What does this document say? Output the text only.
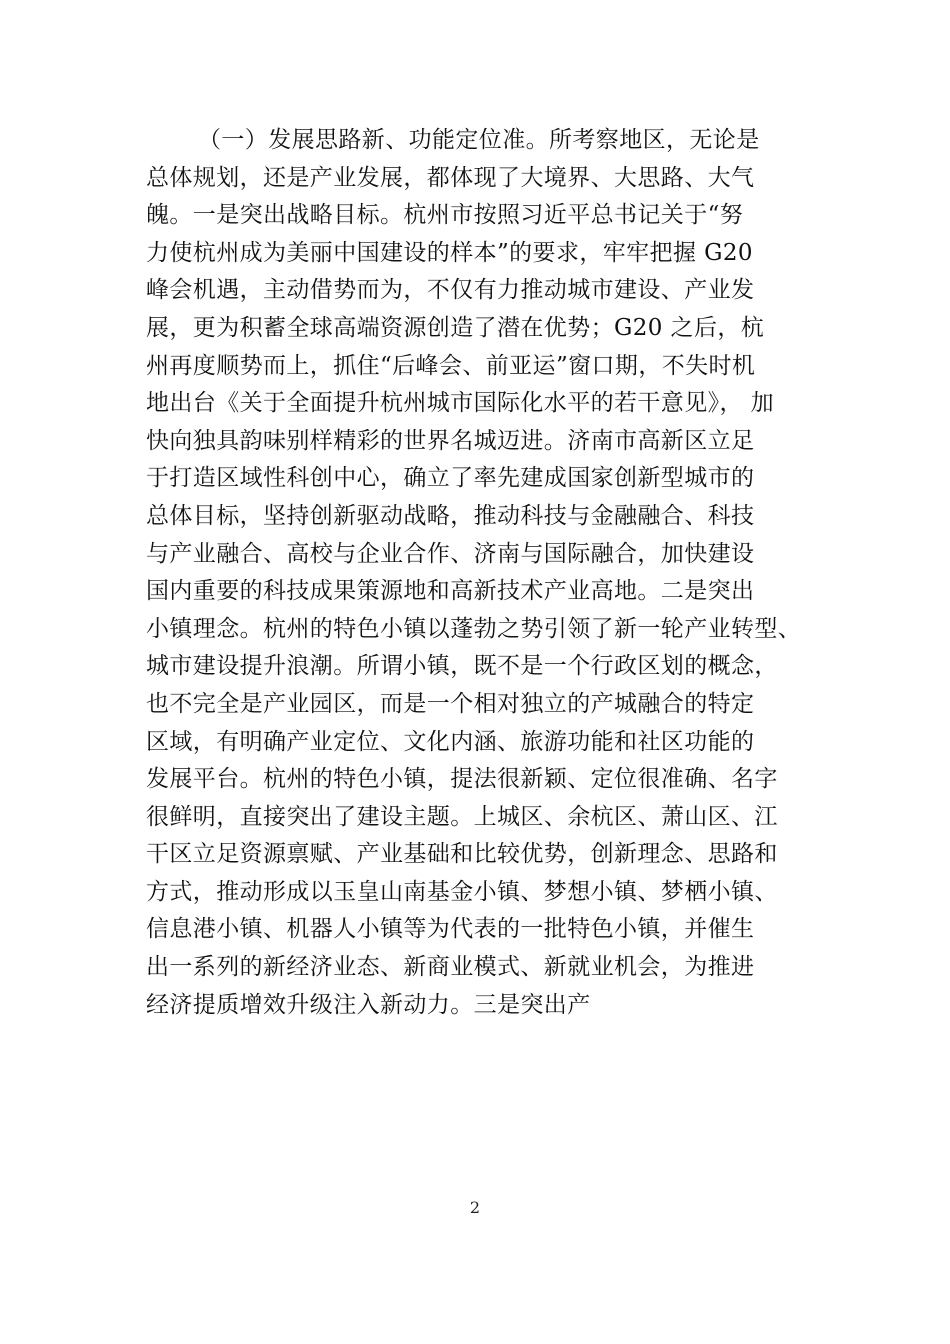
（一）发展思路新、功能定位准。所考察地区，无论是
总体规划，还是产业发展，都体现了大境界、大思路、大气
魄。一是突出战略目标。杭州市按照习近平总书记关于“努
力使杭州成为美丽中国建设的样本”的要求，牢牢把握 G20
峰会机遇，主动借势而为，不仅有力推动城市建设、产业发
展，更为积蓄全球高端资源创造了潜在优势；G20 之后，杭
州再度顺势而上，抓住“后峰会、前亚运”窗口期，不失时机
地出台《关于全面提升杭州城市国际化水平的若干意见》， 加
快向独具韵味别样精彩的世界名城迈进。济南市高新区立足
于打造区域性科创中心，确立了率先建成国家创新型城市的
总体目标，坚持创新驱动战略，推动科技与金融融合、科技
与产业融合、高校与企业合作、济南与国际融合，加快建设
国内重要的科技成果策源地和高新技术产业高地。二是突出
小镇理念。杭州的特色小镇以蓬勃之势引领了新一轮产业转型、
城市建设提升浪潮。所谓小镇，既不是一个行政区划的概念，
也不完全是产业园区，而是一个相对独立的产城融合的特定
区域，有明确产业定位、文化内涵、旅游功能和社区功能的
发展平台。杭州的特色小镇，提法很新颖、定位很准确、名字
很鲜明，直接突出了建设主题。上城区、余杭区、萧山区、江
干区立足资源禀赋、产业基础和比较优势，创新理念、思路和
方式，推动形成以玉皇山南基金小镇、梦想小镇、梦栖小镇、
信息港小镇、机器人小镇等为代表的一批特色小镇，并催生
出一系列的新经济业态、新商业模式、新就业机会，为推进
经济提质增效升级注入新动力。三是突出产
2
